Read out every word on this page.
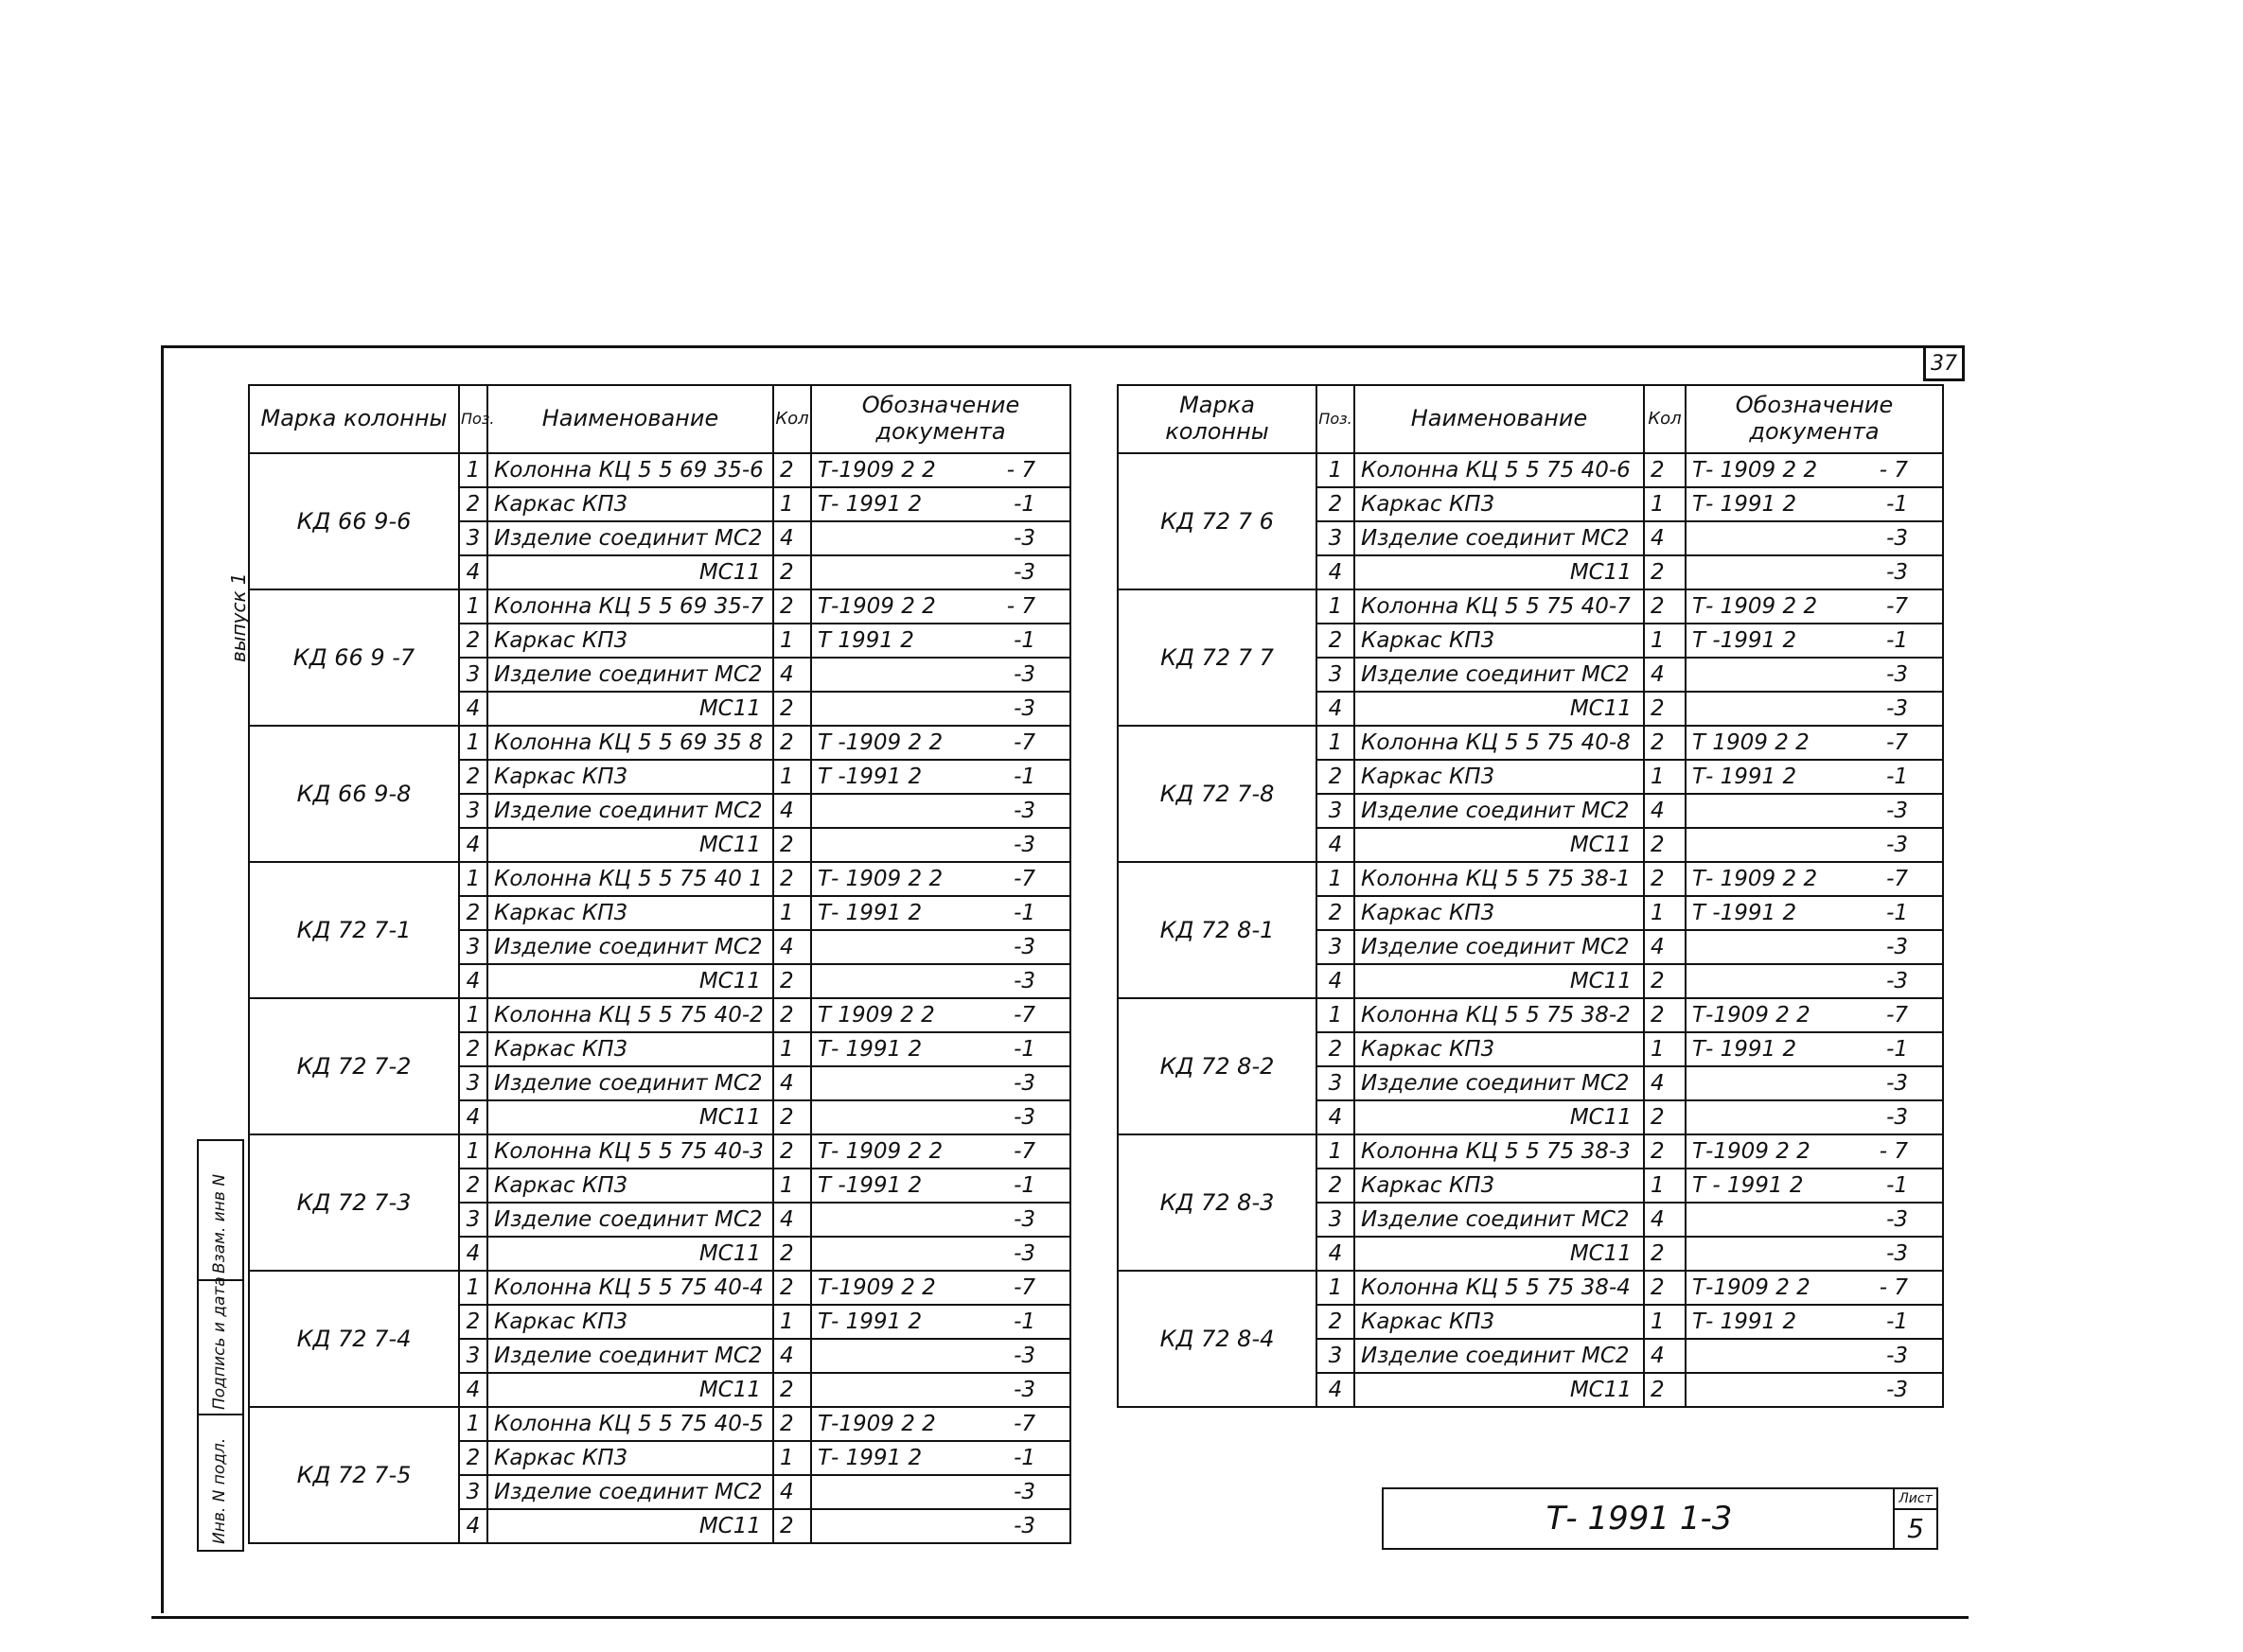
37
выпуск 1
Взам. инв N
Подпись и дата
Инв. N подл.
Марка колонны	Поз.	Наименование	Кол	Обозначение документа
КД 66 9-6	1	Колонна КЦ 5 5 69 35-6	2	Т-1909 2 2 - 7

	2	Каркас КП3	1	Т- 1991 2 -1

	3	Изделие соединит МС2	4	-3

	4	МС11	2	-3

КД 66 9 -7	1	Колонна КЦ 5 5 69 35-7	2	Т-1909 2 2 - 7

	2	Каркас КП3	1	Т 1991 2 -1

	3	Изделие соединит МС2	4	-3

	4	МС11	2	-3

КД 66 9-8	1	Колонна КЦ 5 5 69 35 8	2	Т -1909 2 2 -7

	2	Каркас КП3	1	Т -1991 2 -1

	3	Изделие соединит МС2	4	-3

	4	МС11	2	-3

КД 72 7-1	1	Колонна КЦ 5 5 75 40 1	2	Т- 1909 2 2 -7

	2	Каркас КП3	1	Т- 1991 2 -1

	3	Изделие соединит МС2	4	-3

	4	МС11	2	-3

КД 72 7-2	1	Колонна КЦ 5 5 75 40-2	2	Т 1909 2 2 -7

	2	Каркас КП3	1	Т- 1991 2 -1

	3	Изделие соединит МС2	4	-3

	4	МС11	2	-3

КД 72 7-3	1	Колонна КЦ 5 5 75 40-3	2	Т- 1909 2 2 -7

	2	Каркас КП3	1	Т -1991 2 -1

	3	Изделие соединит МС2	4	-3

	4	МС11	2	-3

КД 72 7-4	1	Колонна КЦ 5 5 75 40-4	2	Т-1909 2 2 -7

	2	Каркас КП3	1	Т- 1991 2 -1

	3	Изделие соединит МС2	4	-3

	4	МС11	2	-3

КД 72 7-5	1	Колонна КЦ 5 5 75 40-5	2	Т-1909 2 2 -7

	2	Каркас КП3	1	Т- 1991 2 -1

	3	Изделие соединит МС2	4	-3

	4	МС11	2	-3
Марка колонны	Поз.	Наименование	Кол	Обозначение документа
КД 72 7 6	1	Колонна КЦ 5 5 75 40-6	2	Т- 1909 2 2 - 7

	2	Каркас КП3	1	Т- 1991 2 -1

	3	Изделие соединит МС2	4	-3

	4	МС11	2	-3

КД 72 7 7	1	Колонна КЦ 5 5 75 40-7	2	Т- 1909 2 2 -7

	2	Каркас КП3	1	Т -1991 2 -1

	3	Изделие соединит МС2	4	-3

	4	МС11	2	-3

КД 72 7-8	1	Колонна КЦ 5 5 75 40-8	2	Т 1909 2 2 -7

	2	Каркас КП3	1	Т- 1991 2 -1

	3	Изделие соединит МС2	4	-3

	4	МС11	2	-3

КД 72 8-1	1	Колонна КЦ 5 5 75 38-1	2	Т- 1909 2 2 -7

	2	Каркас КП3	1	Т -1991 2 -1

	3	Изделие соединит МС2	4	-3

	4	МС11	2	-3

КД 72 8-2	1	Колонна КЦ 5 5 75 38-2	2	Т-1909 2 2 -7

	2	Каркас КП3	1	Т- 1991 2 -1

	3	Изделие соединит МС2	4	-3

	4	МС11	2	-3

КД 72 8-3	1	Колонна КЦ 5 5 75 38-3	2	Т-1909 2 2 - 7

	2	Каркас КП3	1	Т - 1991 2 -1

	3	Изделие соединит МС2	4	-3

	4	МС11	2	-3

КД 72 8-4	1	Колонна КЦ 5 5 75 38-4	2	Т-1909 2 2 - 7

	2	Каркас КП3	1	Т- 1991 2 -1

	3	Изделие соединит МС2	4	-3

	4	МС11	2	-3
Т- 1991 1-3
Лист
5
